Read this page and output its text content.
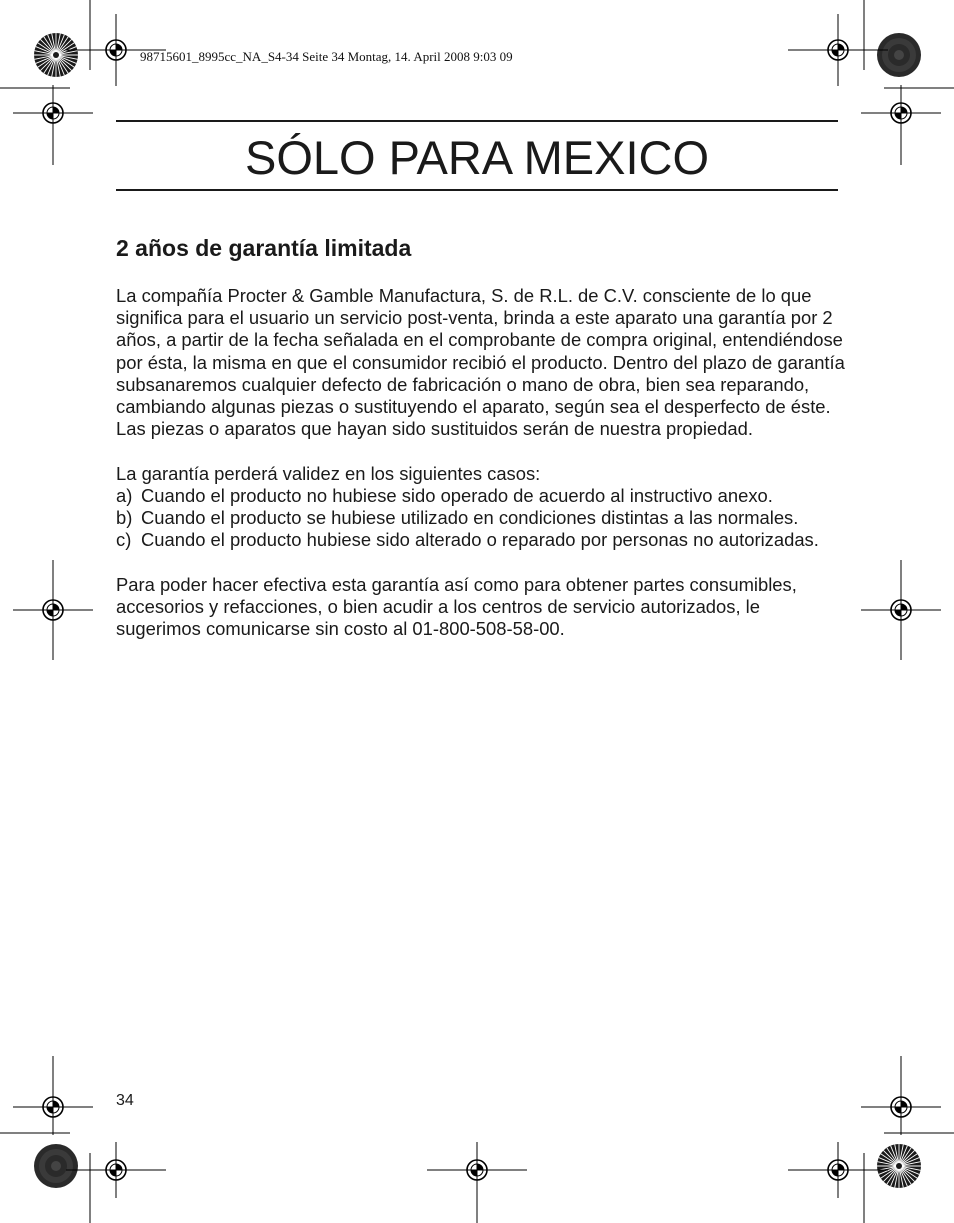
98715601_8995cc_NA_S4-34 Seite 34 Montag, 14. April 2008 9:03 09
SÓLO PARA MEXICO
2 años de garantía limitada

La compañía Procter & Gamble Manufactura, S. de R.L. de C.V. consciente de lo que significa para el usuario un servicio post-venta, brinda a este aparato una garantía por 2 años, a partir de la fecha señalada en el comprobante de compra original, entendiéndose por ésta, la misma en que el consumidor recibió el producto. Dentro del plazo de garantía subsanaremos cualquier defecto de fabricación o mano de obra, bien sea reparando, cambiando algunas piezas o sustituyendo el aparato, según sea el desperfecto de éste. Las piezas o aparatos que hayan sido sustituidos serán de nuestra propiedad.

La garantía perderá validez en los siguientes casos:

a) Cuando el producto no hubiese sido operado de acuerdo al instructivo anexo.
b) Cuando el producto se hubiese utilizado en condiciones distintas a las normales.
c) Cuando el producto hubiese sido alterado o reparado por personas no autorizadas.

Para poder hacer efectiva esta garantía así como para obtener partes consumibles, accesorios y refacciones, o bien acudir a los centros de servicio autorizados, le sugerimos comunicarse sin costo al 01-800-508-58-00.

34
